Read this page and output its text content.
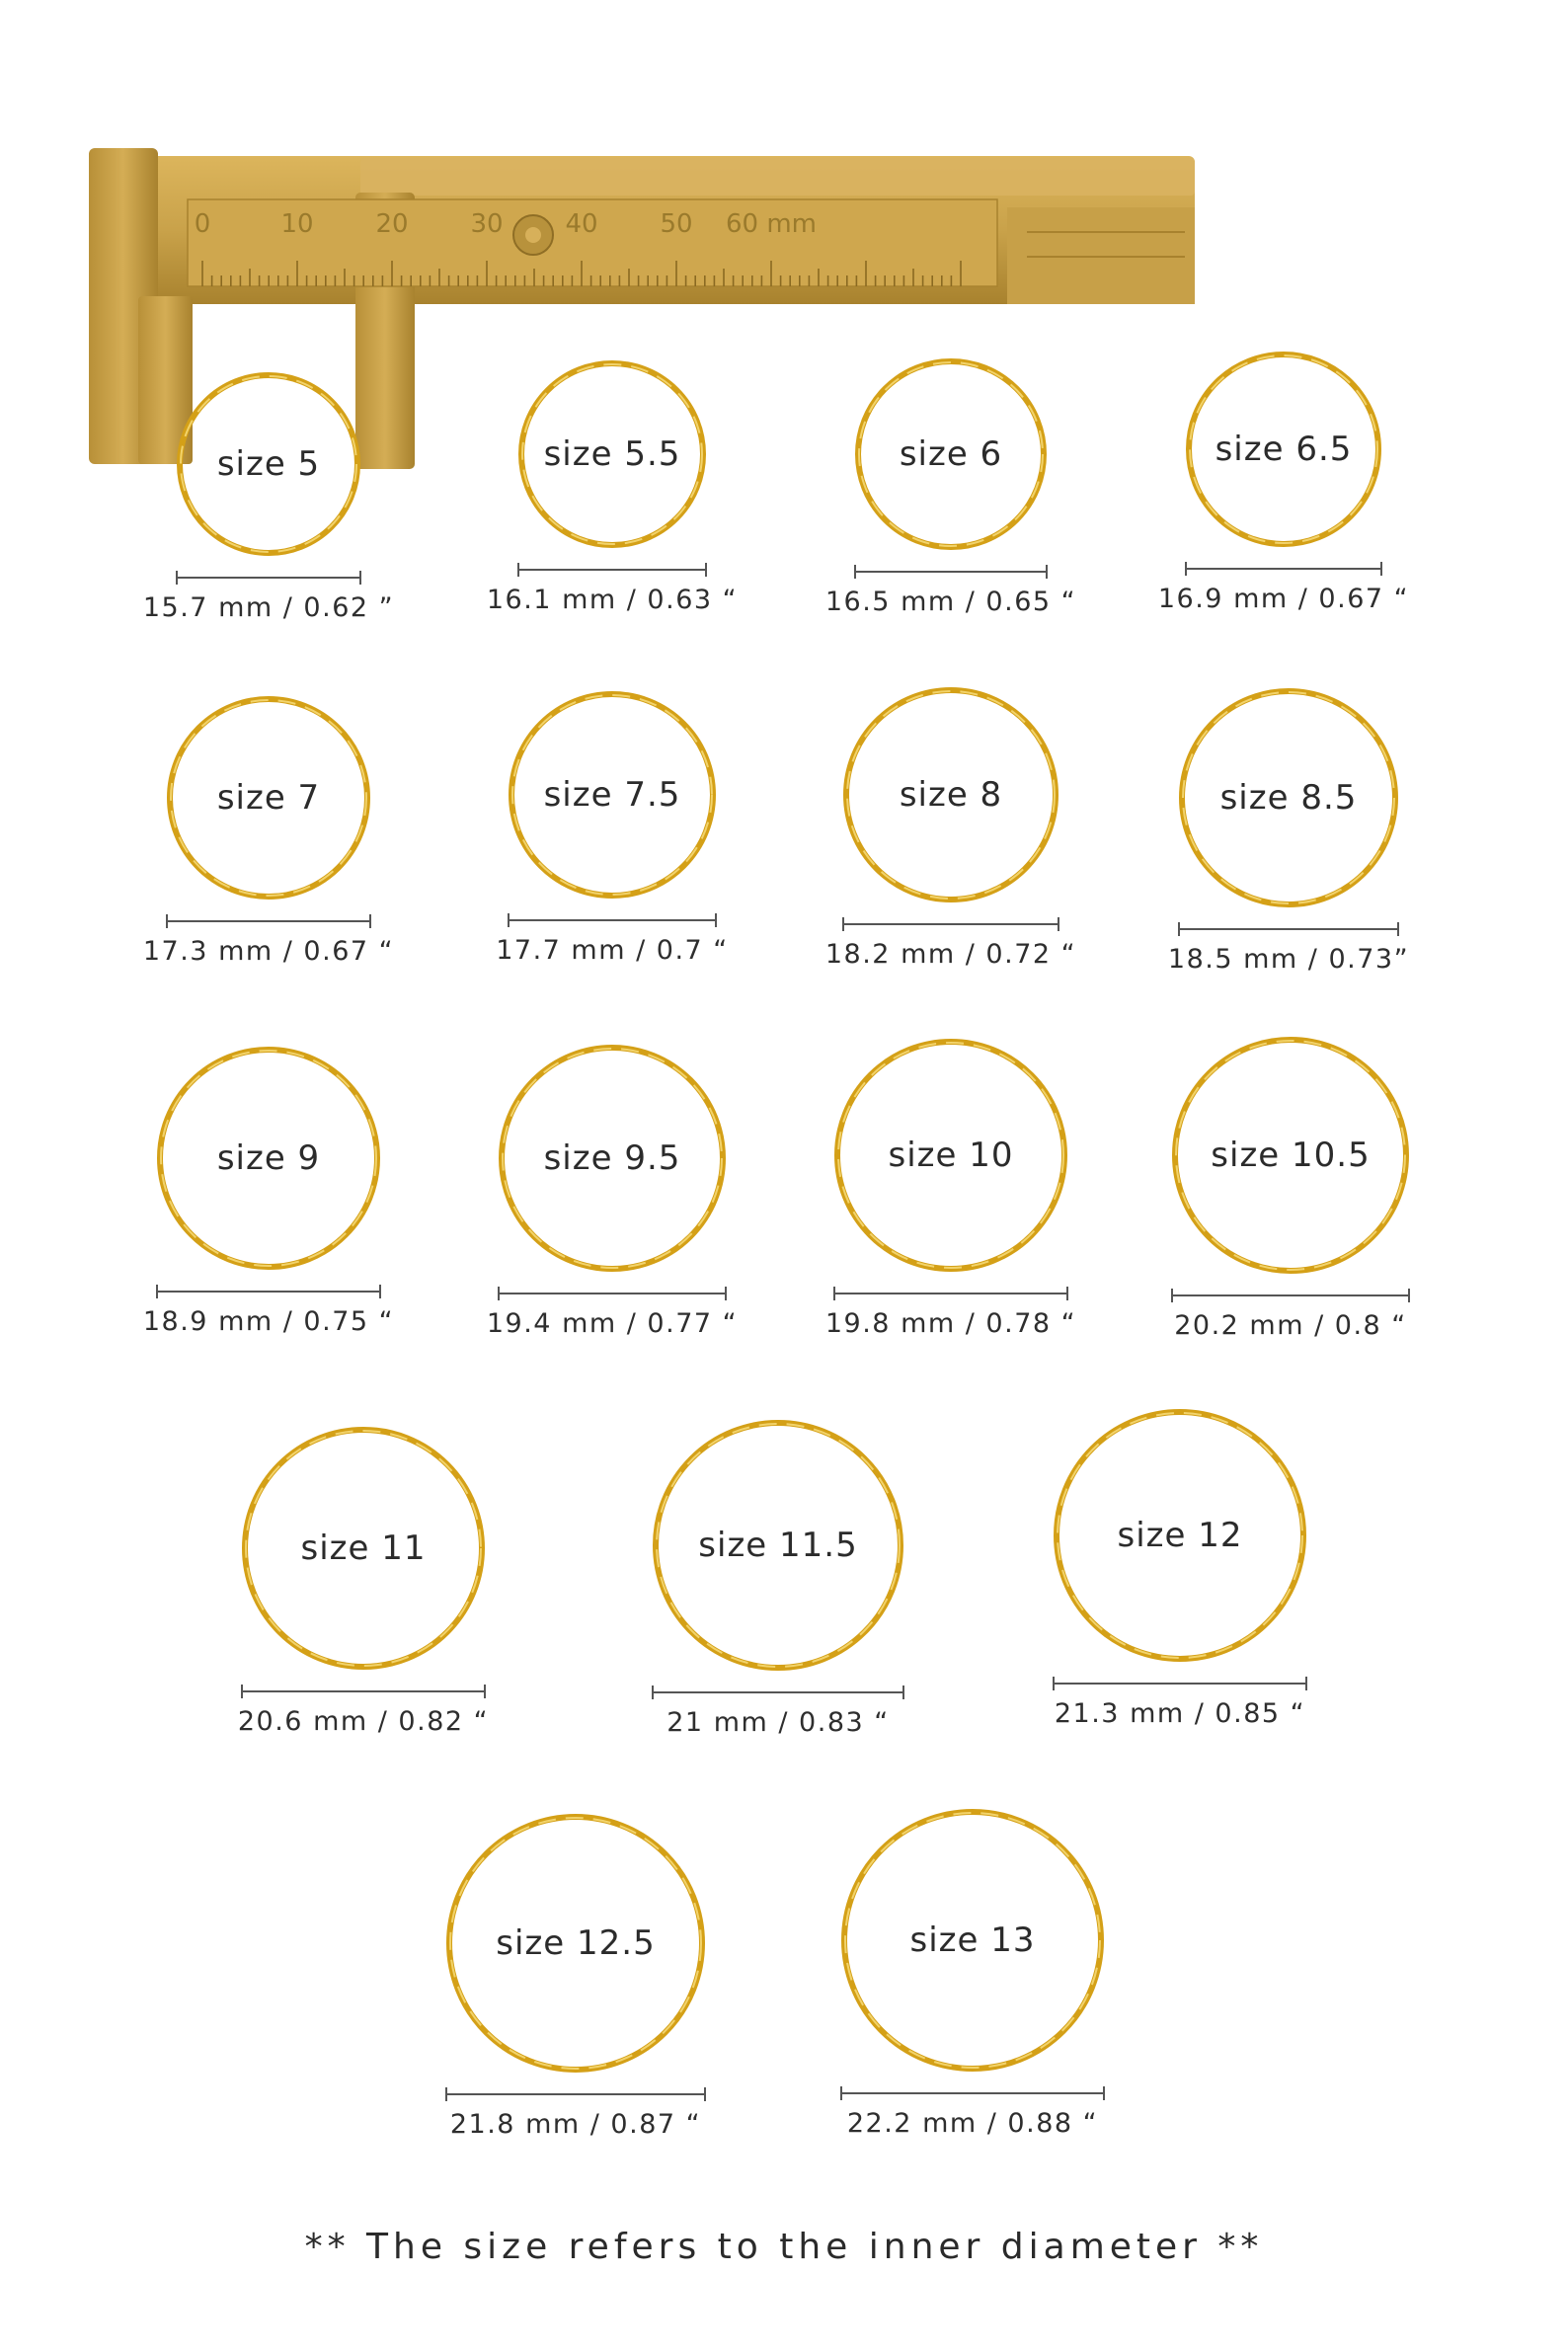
0	10 20 30 40 50 60 mm
size 5
15.7 mm / 0.62 ”
size 5.5
16.1 mm / 0.63 “
size 6
16.5 mm / 0.65 “
size 6.5
16.9 mm / 0.67 “
size 7
17.3 mm / 0.67 “
size 7.5
17.7 mm / 0.7 “
size 8
18.2 mm / 0.72 “
size 8.5
18.5 mm / 0.73”
size 9
18.9 mm / 0.75 “
size 9.5
19.4 mm / 0.77 “
size 10
19.8 mm / 0.78 “
size 10.5
20.2 mm / 0.8 “
size 11
20.6 mm / 0.82 “
size 11.5
21 mm / 0.83 “
size 12
21.3 mm / 0.85 “
size 12.5
21.8 mm / 0.87 “
size 13
22.2 mm / 0.88 “
** The size refers to the inner diameter **
